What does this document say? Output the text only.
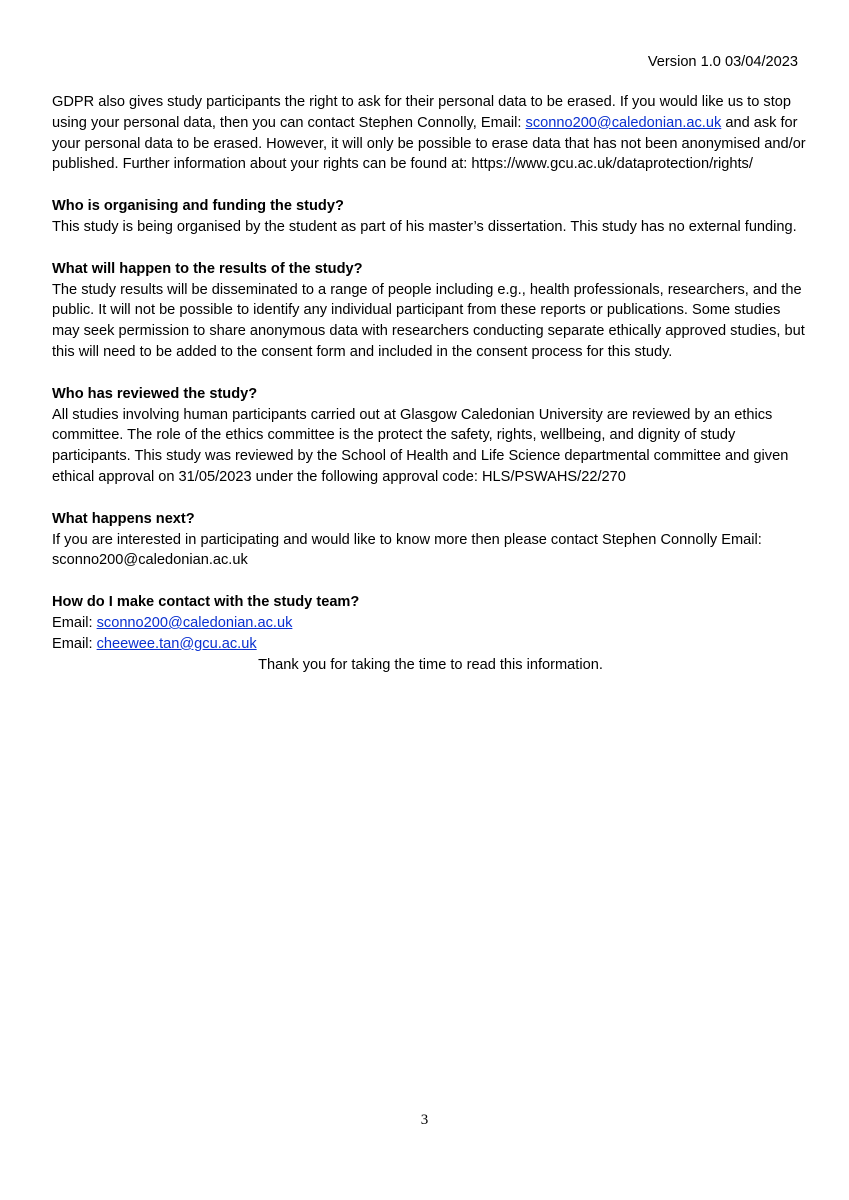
Version 1.0 03/04/2023

GDPR also gives study participants the right to ask for their personal data to be erased. If you would like us to stop using your personal data, then you can contact Stephen Connolly, Email: sconno200@caledonian.ac.uk and ask for your personal data to be erased. However, it will only be possible to erase data that has not been anonymised and/or published. Further information about your rights can be found at: https://www.gcu.ac.uk/dataprotection/rights/

Who is organising and funding the study?

This study is being organised by the student as part of his master’s dissertation. This study has no external funding.

What will happen to the results of the study?

The study results will be disseminated to a range of people including e.g., health professionals, researchers, and the public. It will not be possible to identify any individual participant from these reports or publications. Some studies may seek permission to share anonymous data with researchers conducting separate ethically approved studies, but this will need to be added to the consent form and included in the consent process for this study.

Who has reviewed the study?

All studies involving human participants carried out at Glasgow Caledonian University are reviewed by an ethics committee. The role of the ethics committee is the protect the safety, rights, wellbeing, and dignity of study participants. This study was reviewed by the School of Health and Life Science departmental committee and given ethical approval on 31/05/2023 under the following approval code: HLS/PSWAHS/22/270

What happens next?

If you are interested in participating and would like to know more then please contact Stephen Connolly Email: sconno200@caledonian.ac.uk

How do I make contact with the study team?

Email: sconno200@caledonian.ac.uk

Email: cheewee.tan@gcu.ac.uk

Thank you for taking the time to read this information.

3
